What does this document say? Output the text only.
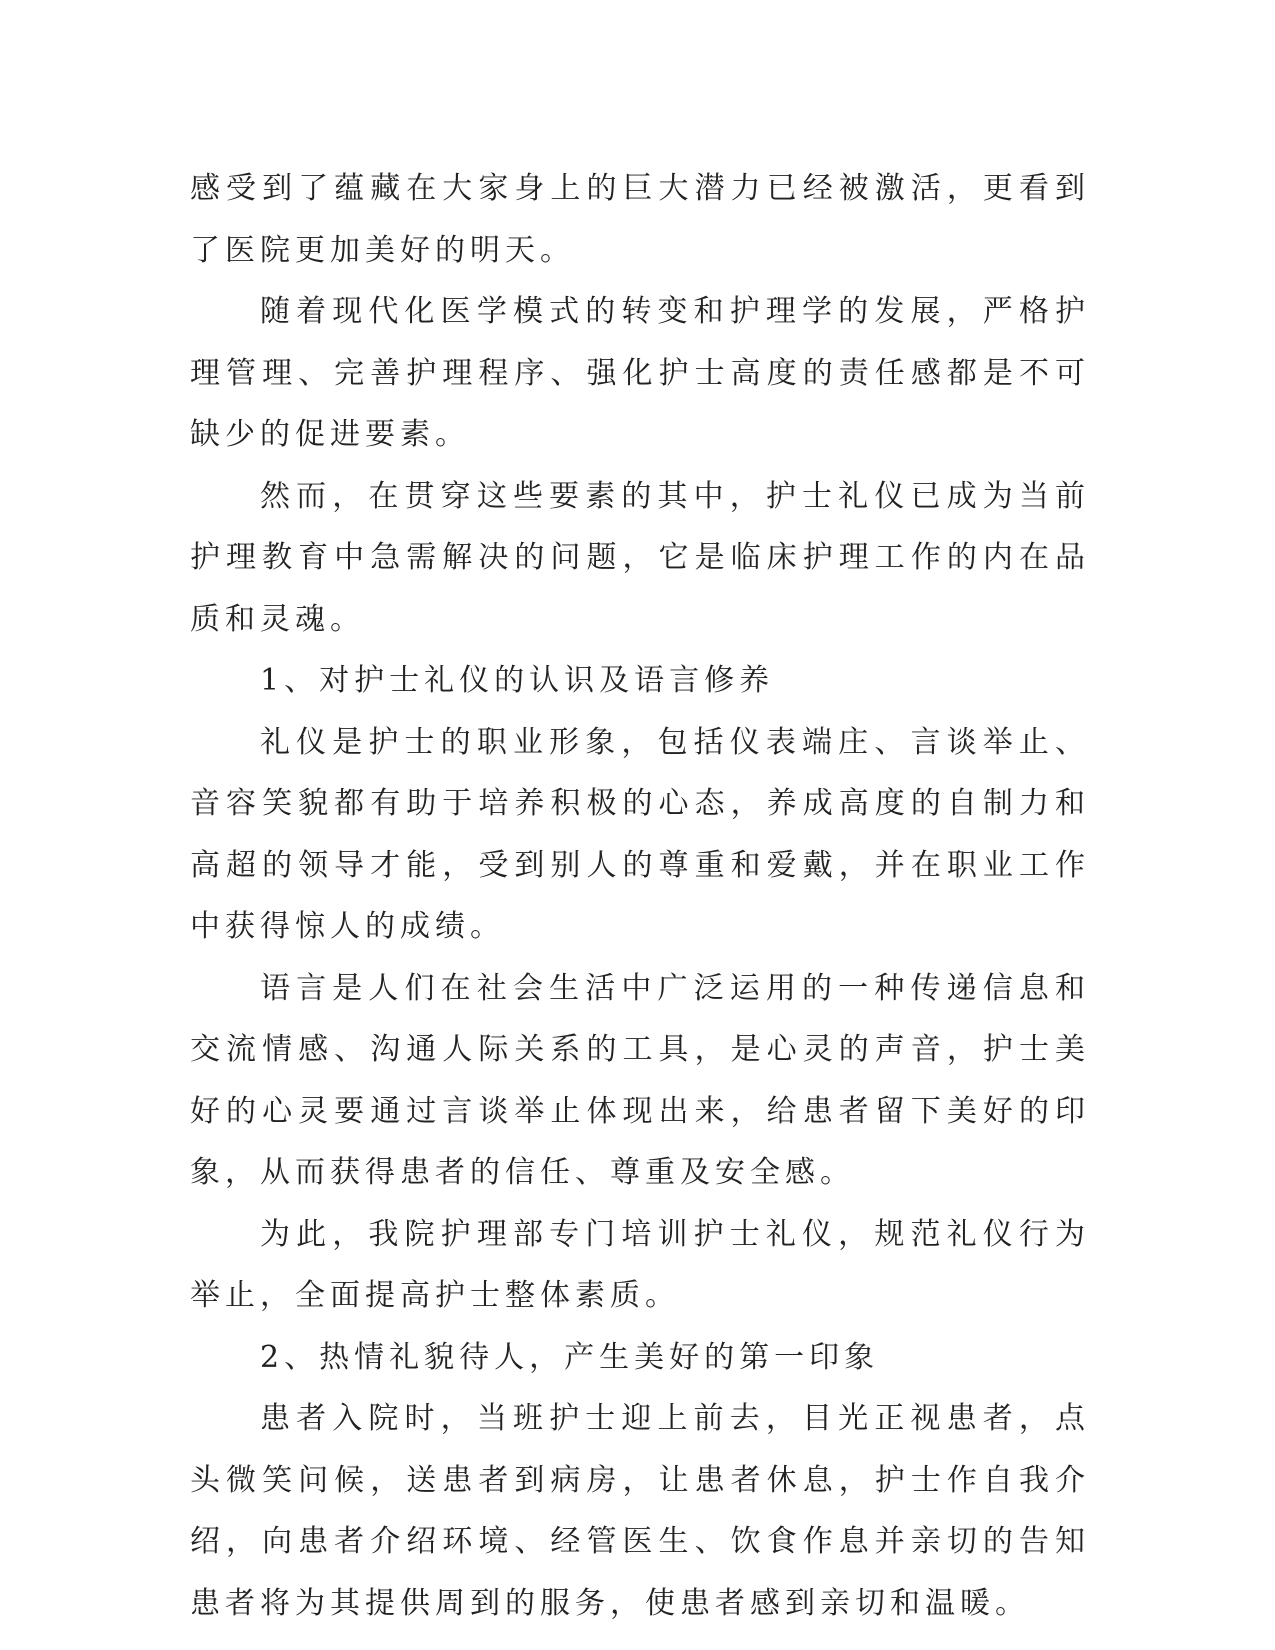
感受到了蕴藏在大家身上的巨大潜力已经被激活，更看到了医院更加美好的明天。

随着现代化医学模式的转变和护理学的发展，严格护理管理、完善护理程序、强化护士高度的责任感都是不可缺少的促进要素。

然而，在贯穿这些要素的其中，护士礼仪已成为当前护理教育中急需解决的问题，它是临床护理工作的内在品质和灵魂。

1、对护士礼仪的认识及语言修养

礼仪是护士的职业形象，包括仪表端庄、言谈举止、音容笑貌都有助于培养积极的心态，养成高度的自制力和高超的领导才能，受到别人的尊重和爱戴，并在职业工作中获得惊人的成绩。

语言是人们在社会生活中广泛运用的一种传递信息和交流情感、沟通人际关系的工具，是心灵的声音，护士美好的心灵要通过言谈举止体现出来，给患者留下美好的印象，从而获得患者的信任、尊重及安全感。

为此，我院护理部专门培训护士礼仪，规范礼仪行为举止，全面提高护士整体素质。

2、热情礼貌待人，产生美好的第一印象

患者入院时，当班护士迎上前去，目光正视患者，点头微笑问候，送患者到病房，让患者休息，护士作自我介绍，向患者介绍环境、经管医生、饮食作息并亲切的告知患者将为其提供周到的服务，使患者感到亲切和温暖。
